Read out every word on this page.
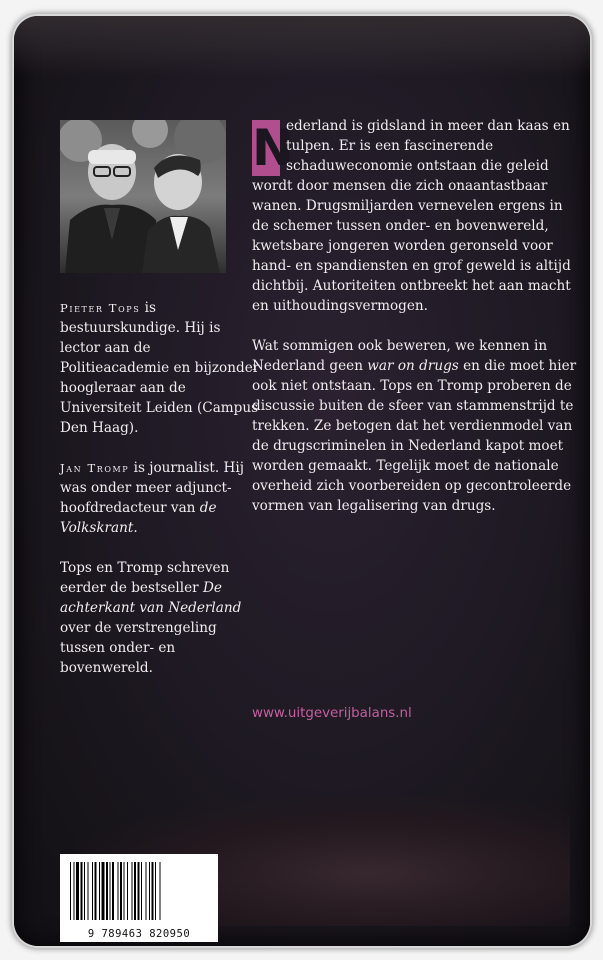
Pieter Tops is bestuurskundige. Hij is lector aan de Politieacademie en bijzonder hoogleraar aan de Universiteit Leiden (Campus Den Haag).

Jan Tromp is journalist. Hij was onder meer adjunct-hoofdredacteur van de Volkskrant.

Tops en Tromp schreven eerder de bestseller De achterkant van Nederland over de verstrengeling tussen onder- en bovenwereld.

N
ederland is gidsland in meer dan kaas en tulpen. Er is een fascinerende schaduweconomie ontstaan die geleid wordt door mensen die zich onaantastbaar wanen. Drugsmiljarden vernevelen ergens in de schemer tussen onder- en bovenwereld, kwetsbare jongeren worden geronseld voor hand- en spandiensten en grof geweld is altijd dichtbij. Autoriteiten ontbreekt het aan macht en uithoudingsvermogen.

Wat sommigen ook beweren, we kennen in Nederland geen war on drugs en die moet hier ook niet ontstaan. Tops en Tromp proberen de discussie buiten de sfeer van stammenstrijd te trekken. Ze betogen dat het verdienmodel van de drugscriminelen in Nederland kapot moet worden gemaakt. Tegelijk moet de nationale overheid zich voorbereiden op gecontroleerde vormen van legalisering van drugs.

www.uitgeverijbalans.nl
9 789463 820950
